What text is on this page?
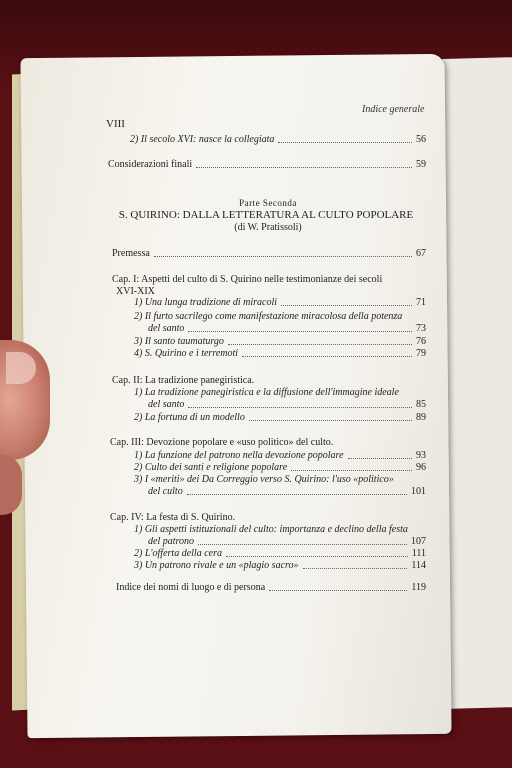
Indice generale
VIII
2) Il secolo XVI: nasce la collegiata	56
Considerazioni finali	59
Parte Seconda
S. QUIRINO: DALLA LETTERATURA AL CULTO POPOLARE
(di W. Pratissoli)
Premessa	67
Cap. I: Aspetti del culto di S. Quirino nelle testimonianze dei secoli
XVI-XIX
1) Una lunga tradizione di miracoli	71
2) Il furto sacrilego come manifestazione miracolosa della potenza
del santo	73
3) Il santo taumaturgo	76
4) S. Quirino e i terremoti	79
Cap. II: La tradizione panegiristica.
1) La tradizione panegiristica e la diffusione dell'immagine ideale
del santo	85
2) La fortuna di un modello	89
Cap. III: Devozione popolare e «uso politico» del culto.
1) La funzione del patrono nella devozione popolare	93
2) Culto dei santi e religione popolare	96
3) I «meriti» dei Da Correggio verso S. Quirino: l'uso «politico»
del culto	101
Cap. IV: La festa di S. Quirino.
1) Gli aspetti istituzionali del culto: importanza e declino della festa
del patrono	107
2) L'offerta della cera	111
3) Un patrono rivale e un «plagio sacro»	114
Indice dei nomi di luogo e di persona	119
